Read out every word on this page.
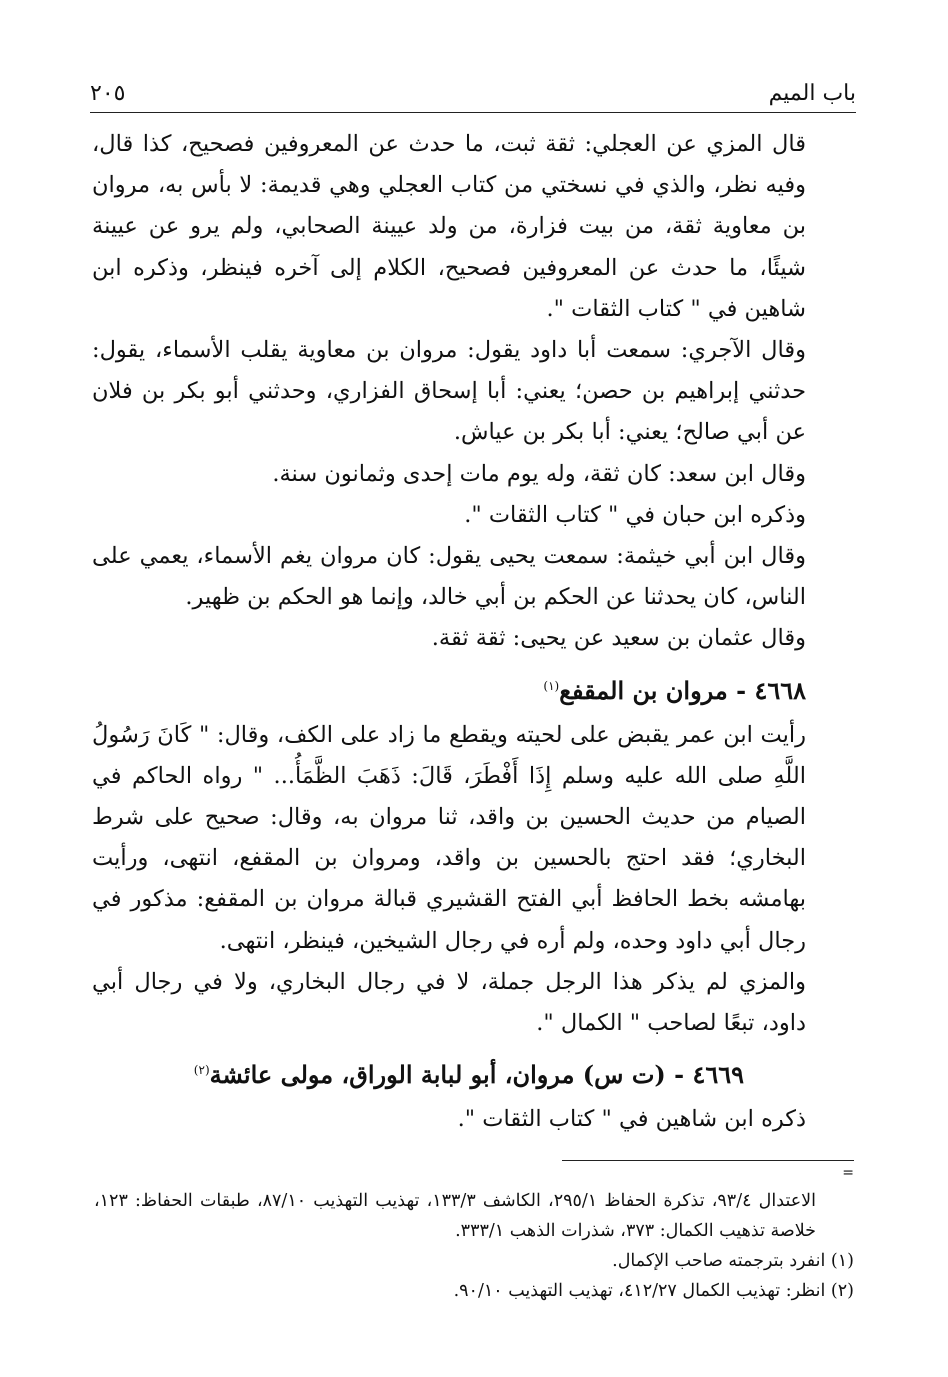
باب الميم
٢٠٥

قال المزي عن العجلي: ثقة ثبت، ما حدث عن المعروفين فصحيح، كذا قال، وفيه نظر، والذي في نسختي من كتاب العجلي وهي قديمة: لا بأس به، مروان بن معاوية ثقة، من بيت فزارة، من ولد عيينة الصحابي، ولم يرو عن عيينة شيئًا، ما حدث عن المعروفين فصحيح، الكلام إلى آخره فينظر، وذكره ابن شاهين في " كتاب الثقات ".

وقال الآجري: سمعت أبا داود يقول: مروان بن معاوية يقلب الأسماء، يقول: حدثني إبراهيم بن حصن؛ يعني: أبا إسحاق الفزاري، وحدثني أبو بكر بن فلان عن أبي صالح؛ يعني: أبا بكر بن عياش.

وقال ابن سعد: كان ثقة، وله يوم مات إحدى وثمانون سنة.

وذكره ابن حبان في " كتاب الثقات ".

وقال ابن أبي خيثمة: سمعت يحيى يقول: كان مروان يغم الأسماء، يعمي على الناس، كان يحدثنا عن الحكم بن أبي خالد، وإنما هو الحكم بن ظهير.

وقال عثمان بن سعيد عن يحيى: ثقة ثقة.

٤٦٦٨ - مروان بن المقفع$^{(١)}$

رأيت ابن عمر يقبض على لحيته ويقطع ما زاد على الكف، وقال: " كَانَ رَسُولُ اللَّهِ صلى الله عليه وسلم إِذَا أَفْطَرَ، قَالَ: ذَهَبَ الظَّمَأُ... " رواه الحاكم في الصيام من حديث الحسين بن واقد، ثنا مروان به، وقال: صحيح على شرط البخاري؛ فقد احتج بالحسين بن واقد، ومروان بن المقفع، انتهى، ورأيت بهامشه بخط الحافظ أبي الفتح القشيري قبالة مروان بن المقفع: مذكور في رجال أبي داود وحده، ولم أره في رجال الشيخين، فينظر، انتهى.

والمزي لم يذكر هذا الرجل جملة، لا في رجال البخاري، ولا في رجال أبي داود، تبعًا لصاحب " الكمال ".

٤٦٦٩ - (ت س) مروان، أبو لبابة الوراق، مولى عائشة$^{(٢)}$

ذكره ابن شاهين في " كتاب الثقات ".

=

الاعتدال ٩٣/٤، تذكرة الحفاظ ٢٩٥/١، الكاشف ١٣٣/٣، تهذيب التهذيب ٨٧/١٠، طبقات الحفاظ: ١٢٣، خلاصة تذهيب الكمال: ٣٧٣، شذرات الذهب ٣٣٣/١.

(١) انفرد بترجمته صاحب الإكمال.

(٢) انظر: تهذيب الكمال ٤١٢/٢٧، تهذيب التهذيب ٩٠/١٠.
